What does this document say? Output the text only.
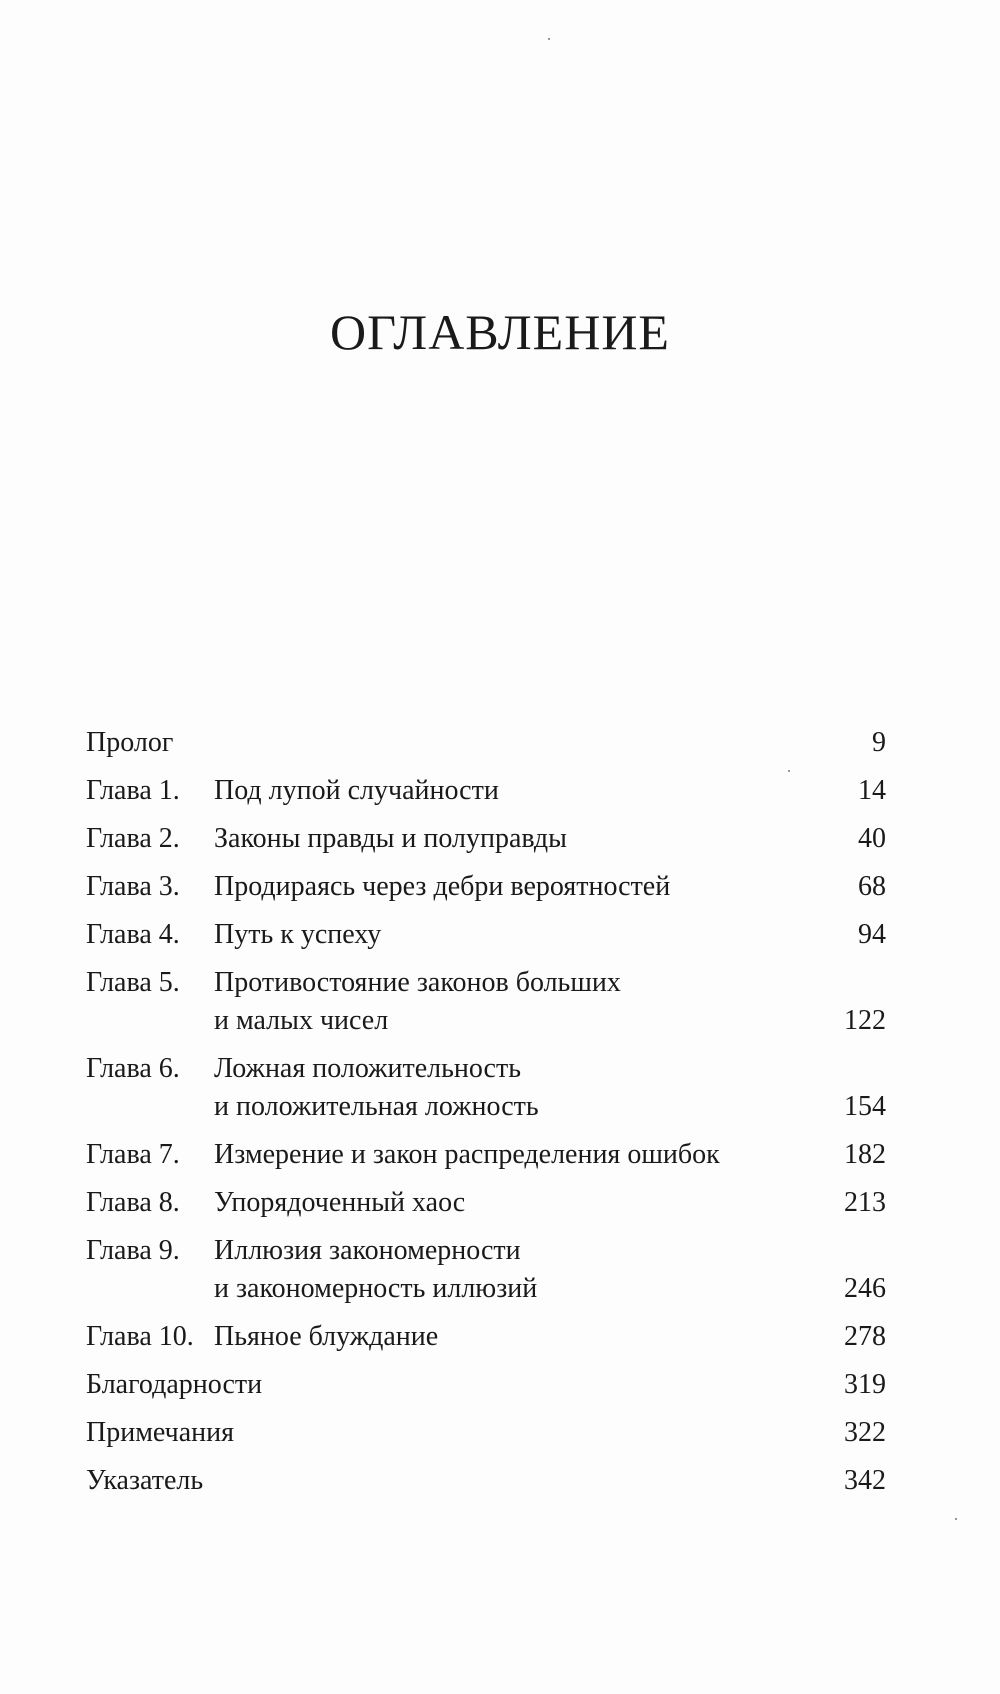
ОГЛАВЛЕНИЕ
Пролог	9
Глава 1. Под лупой случайности	14
Глава 2. Законы правды и полуправды	40
Глава 3. Продираясь через дебри вероятностей	68
Глава 4. Путь к успеху	94
Глава 5. Противостояние законов больших
и малых чисел	122
Глава 6. Ложная положительность
и положительная ложность	154
Глава 7. Измерение и закон распределения ошибок	182
Глава 8. Упорядоченный хаос	213
Глава 9. Иллюзия закономерности
и закономерность иллюзий	246
Глава 10. Пьяное блуждание	278
Благодарности	319
Примечания	322
Указатель	342
